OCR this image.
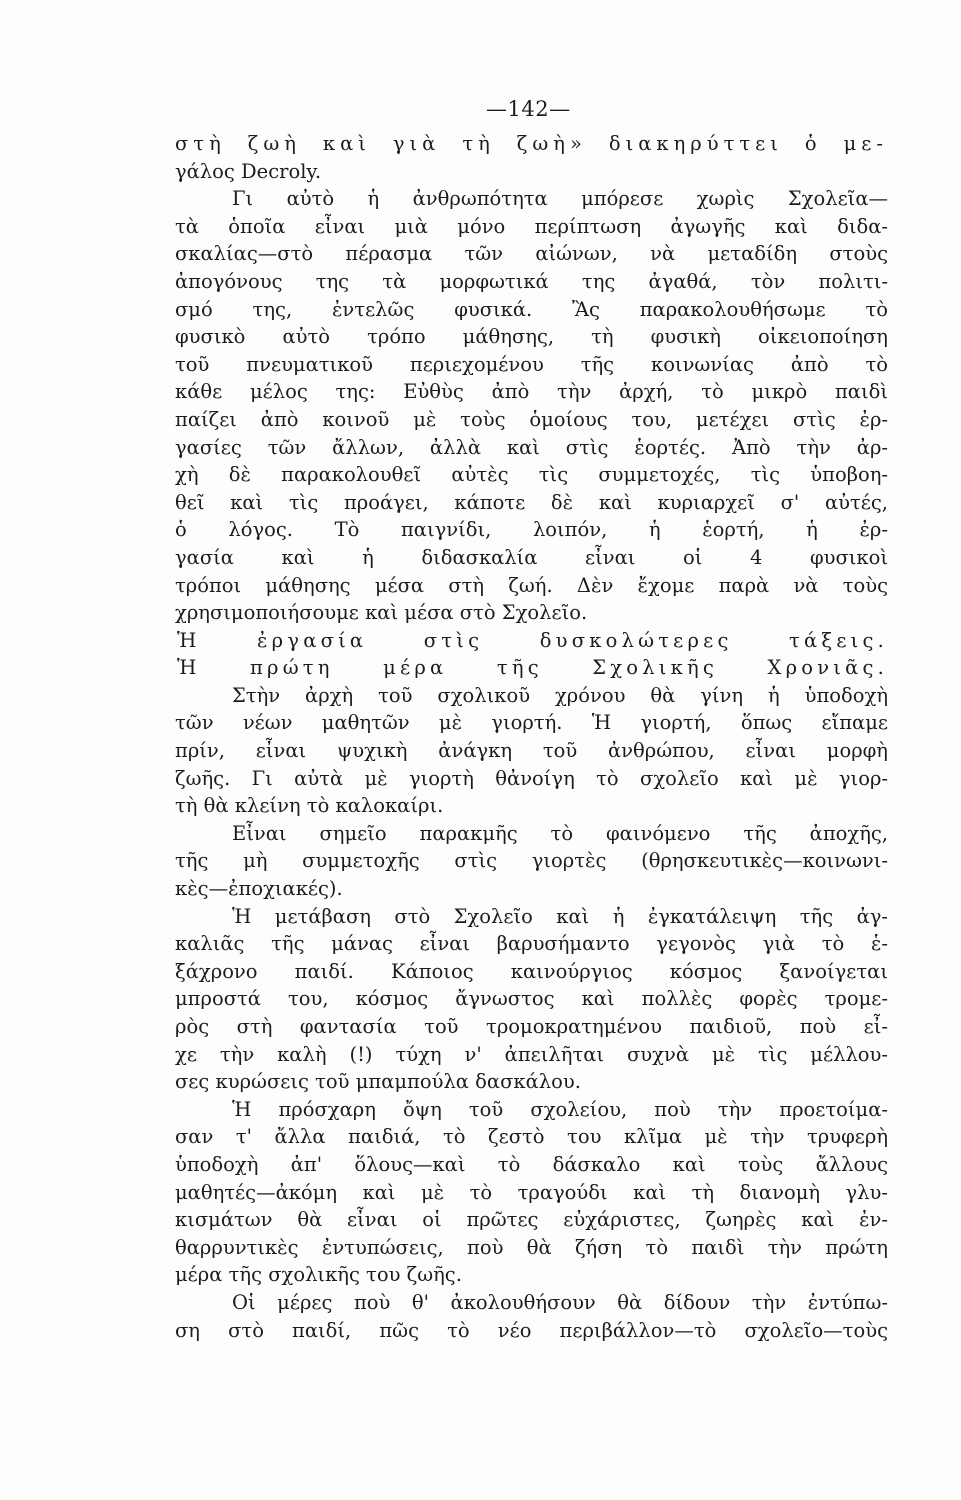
—142—
στὴ ζωὴ καὶ γιὰ τὴ ζωὴ» διακηρύττει ὁ με-
γάλος Decroly.
Γι αὐτὸ ἡ ἀνθρωπότητα μπόρεσε χωρὶς Σχολεῖα—
τὰ ὁποῖα εἶναι μιὰ μόνο περίπτωση ἀγωγῆς καὶ διδα-
σκαλίας—στὸ πέρασμα τῶν αἰώνων, νὰ μεταδίδη στοὺς
ἀπογόνους της τὰ μορφωτικά της ἀγαθά, τὸν πολιτι-
σμό της, ἐντελῶς φυσικά. Ἂς παρακολουθήσωμε τὸ
φυσικὸ αὐτὸ τρόπο μάθησης, τὴ φυσικὴ οἰκειοποίηση
τοῦ πνευματικοῦ περιεχομένου τῆς κοινωνίας ἀπὸ τὸ
κάθε μέλος της: Εὐθὺς ἀπὸ τὴν ἀρχή, τὸ μικρὸ παιδὶ
παίζει ἀπὸ κοινοῦ μὲ τοὺς ὁμοίους του, μετέχει στὶς ἐρ-
γασίες τῶν ἄλλων, ἀλλὰ καὶ στὶς ἑορτές. Ἀπὸ τὴν ἀρ-
χὴ δὲ παρακολουθεῖ αὐτὲς τὶς συμμετοχές, τὶς ὑποβοη-
θεῖ καὶ τὶς προάγει, κάποτε δὲ καὶ κυριαρχεῖ σ' αὐτές,
ὁ λόγος. Τὸ παιγνίδι, λοιπόν, ἡ ἑορτή, ἡ ἐρ-
γασία καὶ ἡ διδασκαλία εἶναι οἱ 4 φυσικοὶ
τρόποι μάθησης μέσα στὴ ζωή. Δὲν ἔχομε παρὰ νὰ τοὺς
χρησιμοποιήσουμε καὶ μέσα στὸ Σχολεῖο.
Ἡ ἐργασία στὶς δυσκολώτερες τάξεις.
Ἡ πρώτη μέρα τῆς Σχολικῆς Χρονιᾶς.
Στὴν ἀρχὴ τοῦ σχολικοῦ χρόνου θὰ γίνη ἡ ὑποδοχὴ
τῶν νέων μαθητῶν μὲ γιορτή. Ἡ γιορτή, ὅπως εἴπαμε
πρίν, εἶναι ψυχικὴ ἀνάγκη τοῦ ἀνθρώπου, εἶναι μορφὴ
ζωῆς. Γι αὐτὰ μὲ γιορτὴ θἀνοίγη τὸ σχολεῖο καὶ μὲ γιορ-
τὴ θὰ κλείνη τὸ καλοκαίρι.
Εἶναι σημεῖο παρακμῆς τὸ φαινόμενο τῆς ἀποχῆς,
τῆς μὴ συμμετοχῆς στὶς γιορτὲς (θρησκευτικὲς—κοινωνι-
κὲς—ἐποχιακές).
Ἡ μετάβαση στὸ Σχολεῖο καὶ ἡ ἐγκατάλειψη τῆς ἀγ-
καλιᾶς τῆς μάνας εἶναι βαρυσήμαντο γεγονὸς γιὰ τὸ ἑ-
ξάχρονο παιδί. Κάποιος καινούργιος κόσμος ξανοίγεται
μπροστά του, κόσμος ἄγνωστος καὶ πολλὲς φορὲς τρομε-
ρὸς στὴ φαντασία τοῦ τρομοκρατημένου παιδιοῦ, ποὺ εἶ-
χε τὴν καλὴ (!) τύχη ν' ἀπειλῆται συχνὰ μὲ τὶς μέλλου-
σες κυρώσεις τοῦ μπαμπούλα δασκάλου.
Ἡ πρόσχαρη ὄψη τοῦ σχολείου, ποὺ τὴν προετοίμα-
σαν τ' ἄλλα παιδιά, τὸ ζεστὸ του κλῖμα μὲ τὴν τρυφερὴ
ὑποδοχὴ ἀπ' ὅλους—καὶ τὸ δάσκαλο καὶ τοὺς ἄλλους
μαθητές—ἀκόμη καὶ μὲ τὸ τραγούδι καὶ τὴ διανομὴ γλυ-
κισμάτων θὰ εἶναι οἱ πρῶτες εὐχάριστες, ζωηρὲς καὶ ἐν-
θαρρυντικὲς ἐντυπώσεις, ποὺ θὰ ζήση τὸ παιδὶ τὴν πρώτη
μέρα τῆς σχολικῆς του ζωῆς.
Οἱ μέρες ποὺ θ' ἀκολουθήσουν θὰ δίδουν τὴν ἐντύπω-
ση στὸ παιδί, πῶς τὸ νέο περιβάλλον—τὸ σχολεῖο—τοὺς
